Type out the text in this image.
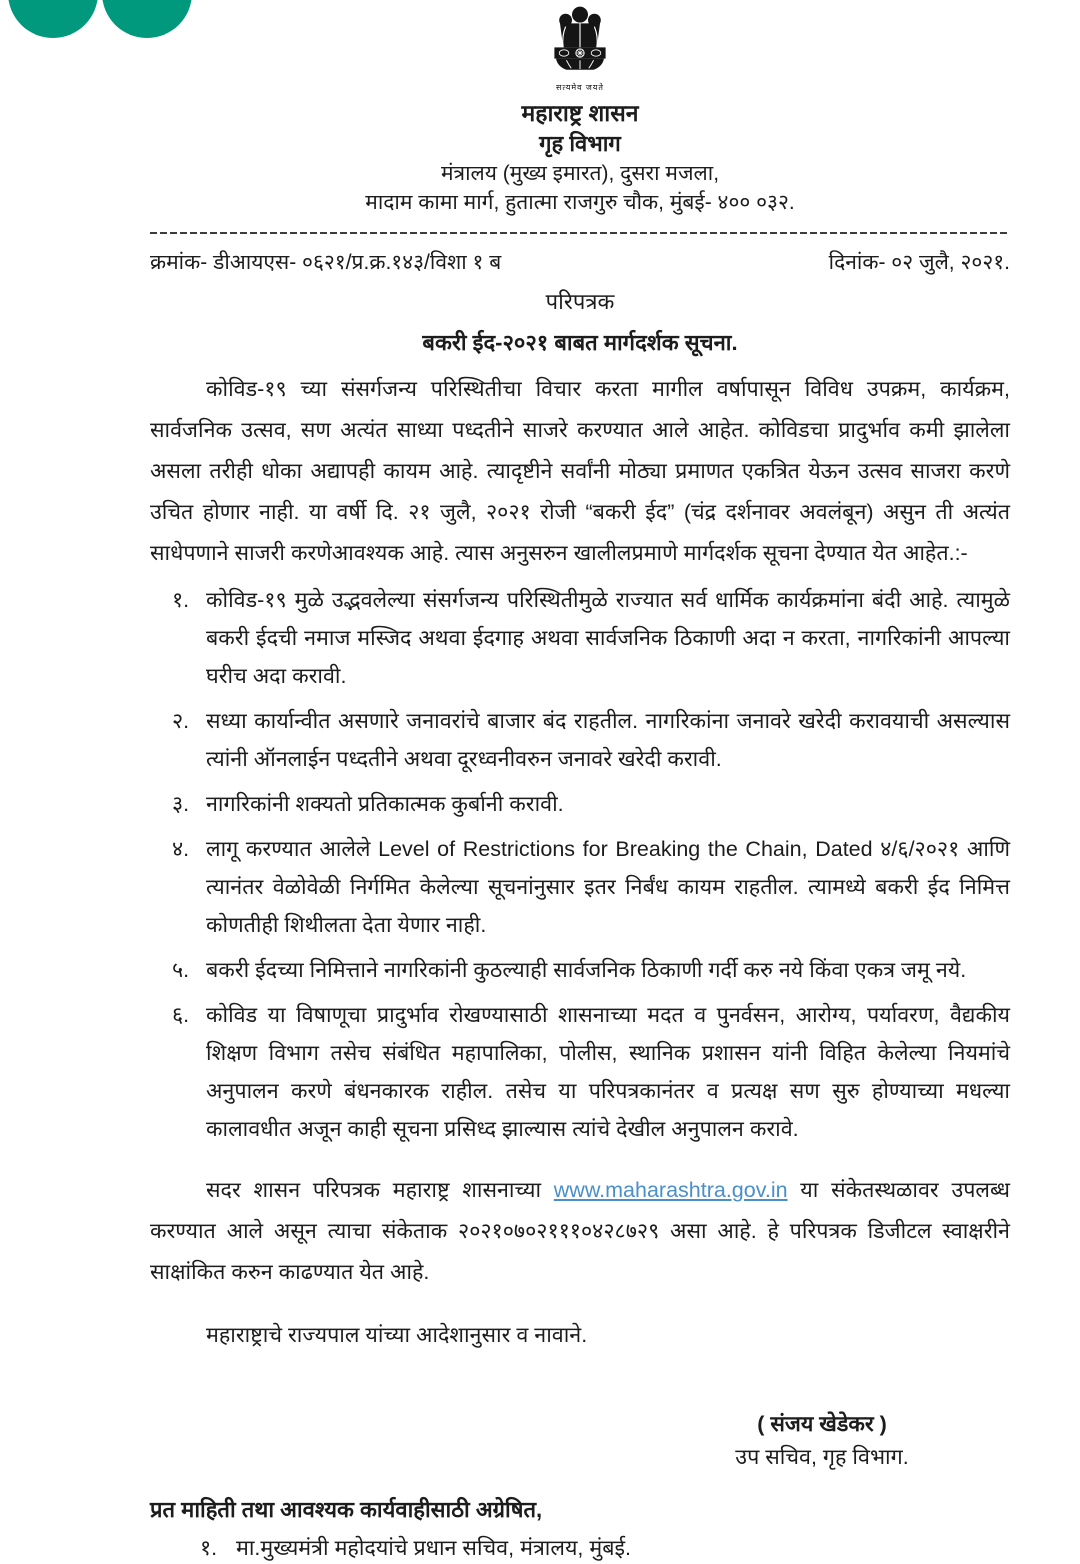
सत्यमेव जयते
महाराष्ट्र शासन
गृह विभाग
मंत्रालय (मुख्य इमारत), दुसरा मजला,
मादाम कामा मार्ग, हुतात्मा राजगुरु चौक, मुंबई- ४०० ०३२.
क्रमांक- डीआयएस- ०६२१/प्र.क्र.१४३/विशा १ ब	दिनांक- ०२ जुलै, २०२१.
परिपत्रक
बकरी ईद-२०२१ बाबत मार्गदर्शक सूचना.

कोविड-१९ च्या संसर्गजन्य परिस्थितीचा विचार करता मागील वर्षापासून विविध उपक्रम, कार्यक्रम, सार्वजनिक उत्सव, सण अत्यंत साध्या पध्दतीने साजरे करण्यात आले आहेत. कोविडचा प्रादुर्भाव कमी झालेला असला तरीही धोका अद्यापही कायम आहे. त्यादृष्टीने सर्वांनी मोठ्या प्रमाणत एकत्रित येऊन उत्सव साजरा करणे उचित होणार नाही. या वर्षी दि. २१ जुलै, २०२१ रोजी “बकरी ईद” (चंद्र दर्शनावर अवलंबून) असुन ती अत्यंत साधेपणाने साजरी करणेआवश्यक आहे. त्यास अनुसरुन खालीलप्रमाणे मार्गदर्शक सूचना देण्यात येत आहेत.:-

१. कोविड-१९ मुळे उद्भवलेल्या संसर्गजन्य परिस्थितीमुळे राज्यात सर्व धार्मिक कार्यक्रमांना बंदी आहे. त्यामुळे बकरी ईदची नमाज मस्जिद अथवा ईदगाह अथवा सार्वजनिक ठिकाणी अदा न करता, नागरिकांनी आपल्या घरीच अदा करावी.

२. सध्या कार्यान्वीत असणारे जनावरांचे बाजार बंद राहतील. नागरिकांना जनावरे खरेदी करावयाची असल्यास त्यांनी ऑनलाईन पध्दतीने अथवा दूरध्वनीवरुन जनावरे खरेदी करावी.

३. नागरिकांनी शक्यतो प्रतिकात्मक कुर्बानी करावी.

४. लागू करण्यात आलेले Level of Restrictions for Breaking the Chain, Dated ४/६/२०२१ आणि त्यानंतर वेळोवेळी निर्गमित केलेल्या सूचनांनुसार इतर निर्बंध कायम राहतील. त्यामध्ये बकरी ईद निमित्त कोणतीही शिथीलता देता येणार नाही.

५. बकरी ईदच्या निमित्ताने नागरिकांनी कुठल्याही सार्वजनिक ठिकाणी गर्दी करु नये किंवा एकत्र जमू नये.

६. कोविड या विषाणूचा प्रादुर्भाव रोखण्यासाठी शासनाच्या मदत व पुनर्वसन, आरोग्य, पर्यावरण, वैद्यकीय शिक्षण विभाग तसेच संबंधित महापालिका, पोलीस, स्थानिक प्रशासन यांनी विहित केलेल्या नियमांचे अनुपालन करणे बंधनकारक राहील. तसेच या परिपत्रकानंतर व प्रत्यक्ष सण सुरु होण्याच्या मधल्या कालावधीत अजून काही सूचना प्रसिध्द झाल्यास त्यांचे देखील अनुपालन करावे.

सदर शासन परिपत्रक महाराष्ट्र शासनाच्या www.maharashtra.gov.in या संकेतस्थळावर उपलब्ध करण्यात आले असून त्याचा संकेताक २०२१०७०२१११०४२८७२९ असा आहे. हे परिपत्रक डिजीटल स्वाक्षरीने साक्षांकित करुन काढण्यात येत आहे.

महाराष्ट्राचे राज्यपाल यांच्या आदेशानुसार व नावाने.

( संजय खेडेकर )
उप सचिव, गृह विभाग.
प्रत माहिती तथा आवश्यक कार्यवाहीसाठी अग्रेषित,
१. मा.मुख्यमंत्री महोदयांचे प्रधान सचिव, मंत्रालय, मुंबई.
